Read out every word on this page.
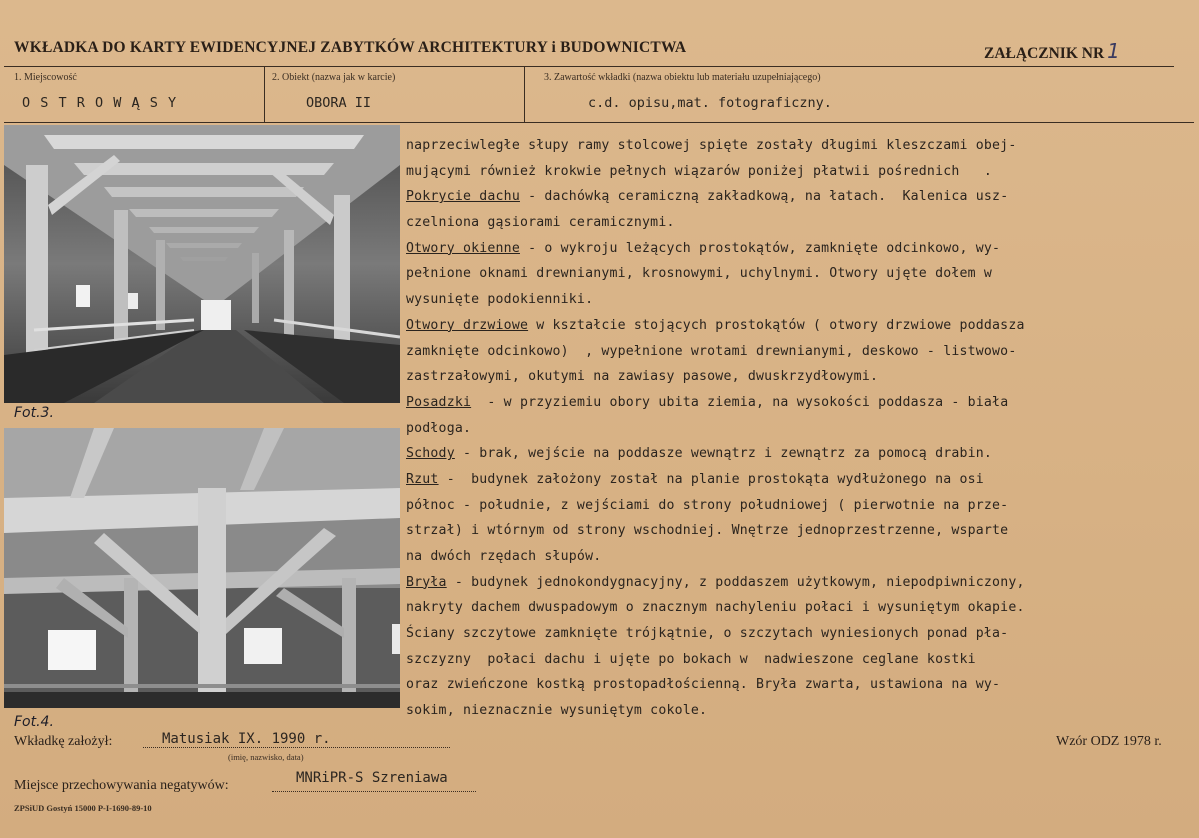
WKŁADKA DO KARTY EWIDENCYJNEJ ZABYTKÓW ARCHITEKTURY i BUDOWNICTWA	ZAŁĄCZNIK NR 1
1. Miejscowość
O S T R O W Ą S Y
2. Obiekt (nazwa jak w karcie)
OBORA II
3. Zawartość wkładki (nazwa obiektu lub materiału uzupełniającego)
c.d. opisu,mat. fotograficzny.
Fot.3.
Fot.4.
naprzeciwległe słupy ramy stolcowej spięte zostały długimi kleszczami obej-
mującymi również krokwie pełnych wiązarów poniżej płatwii pośrednich   .
Pokrycie dachu - dachówką ceramiczną zakładkową, na łatach.  Kalenica usz-
czelniona gąsiorami ceramicznymi.
Otwory okienne - o wykroju leżących prostokątów, zamknięte odcinkowo, wy-
pełnione oknami drewnianymi, krosnowymi, uchylnymi. Otwory ujęte dołem w
wysunięte podokienniki.
Otwory drzwiowe w kształcie stojących prostokątów ( otwory drzwiowe poddasza
zamknięte odcinkowo)  , wypełnione wrotami drewnianymi, deskowo - listwowo-
zastrzałowymi, okutymi na zawiasy pasowe, dwuskrzydłowymi.
Posadzki  - w przyziemiu obory ubita ziemia, na wysokości poddasza - biała
podłoga.
Schody - brak, wejście na poddasze wewnątrz i zewnątrz za pomocą drabin.
Rzut -  budynek założony został na planie prostokąta wydłużonego na osi
północ - południe, z wejściami do strony południowej ( pierwotnie na prze-
strzał) i wtórnym od strony wschodniej. Wnętrze jednoprzestrzenne, wsparte
na dwóch rzędach słupów.
Bryła - budynek jednokondygnacyjny, z poddaszem użytkowym, niepodpiwniczony,
nakryty dachem dwuspadowym o znacznym nachyleniu połaci i wysuniętym okapie.
Ściany szczytowe zamknięte trójkątnie, o szczytach wyniesionych ponad pła-
szczyzny  połaci dachu i ujęte po bokach w  nadwieszone ceglane kostki
oraz zwieńczone kostką prostopadłościenną. Bryła zwarta, ustawiona na wy-
sokim, nieznacznie wysuniętym cokole.
Wkładkę założył:	Matusiak IX. 1990 r.
(imię, nazwisko, data)
Wzór ODZ 1978 r.
Miejsce przechowywania negatywów:	MNRiPR-S Szreniawa
ZPSiUD Gostyń 15000 P-I-1690-89-10
